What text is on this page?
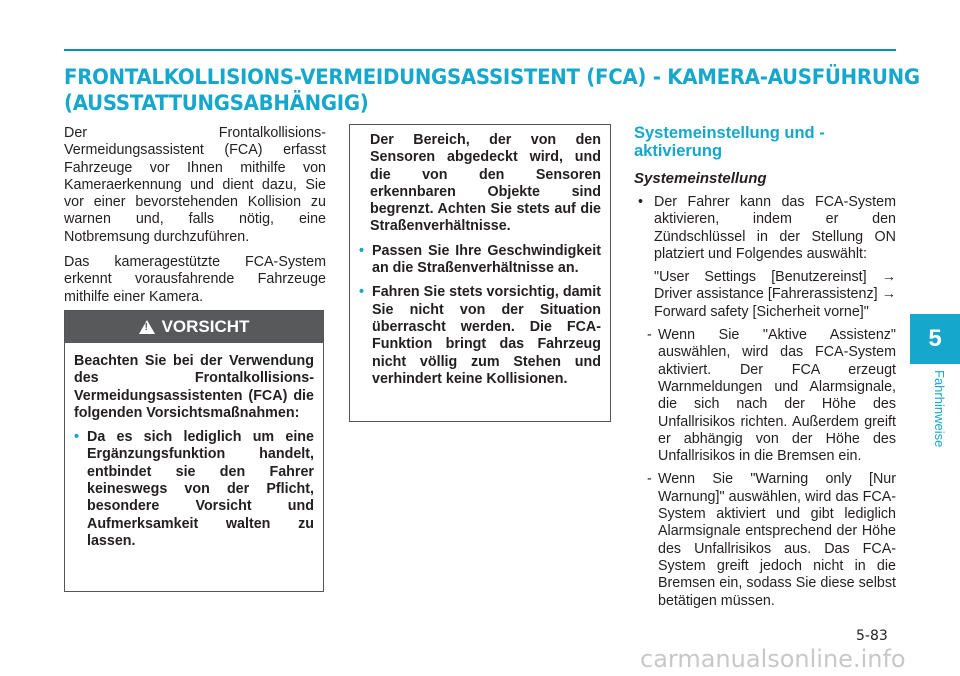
FRONTALKOLLISIONS-VERMEIDUNGSASSISTENT (FCA) - KAMERA-AUSFÜHRUNG
(AUSSTATTUNGSABHÄNGIG)

Der Frontalkollisions-Vermeidungsassistent (FCA) erfasst Fahrzeuge vor Ihnen mithilfe von Kameraerkennung und dient dazu, Sie vor einer bevorstehenden Kollision zu warnen und, falls nötig, eine Notbremsung durchzuführen.

Das kameragestützte FCA-System erkennt vorausfahrende Fahrzeuge mithilfe einer Kamera.

!
VORSICHT

Beachten Sie bei der Verwendung des Frontalkollisions-Vermeidungsassistenten (FCA) die folgenden Vorsichtsmaßnahmen:

• Da es sich lediglich um eine Ergänzungsfunktion handelt, entbindet sie den Fahrer keineswegs von der Pflicht, besondere Vorsicht und Aufmerksamkeit walten zu lassen.

Der Bereich, der von den Sensoren abgedeckt wird, und die von den Sensoren erkennbaren Objekte sind begrenzt. Achten Sie stets auf die Straßenverhältnisse.

• Passen Sie Ihre Geschwindigkeit an die Straßenverhältnisse an.
• Fahren Sie stets vorsichtig, damit Sie nicht von der Situation überrascht werden. Die FCA-Funktion bringt das Fahrzeug nicht völlig zum Stehen und verhindert keine Kollisionen.
Systemeinstellung und -aktivierung
Systemeinstellung
• Der Fahrer kann das FCA-System aktivieren, indem er den Zündschlüssel in der Stellung ON platziert und Folgendes auswählt:
"User Settings [Benutzereinst] → Driver assistance [Fahrerassistenz] → Forward safety [Sicherheit vorne]"
- Wenn Sie "Aktive Assistenz" auswählen, wird das FCA-System aktiviert. Der FCA erzeugt Warnmeldungen und Alarmsignale, die sich nach der Höhe des Unfallrisikos richten. Außerdem greift er abhängig von der Höhe des Unfallrisikos in die Bremsen ein.
- Wenn Sie "Warning only [Nur Warnung]" auswählen, wird das FCA-System aktiviert und gibt lediglich Alarmsignale entsprechend der Höhe des Unfallrisikos aus. Das FCA-System greift jedoch nicht in die Bremsen ein, sodass Sie diese selbst betätigen müssen.
5-83
5
Fahrhinweise
carmanualsonline.info
